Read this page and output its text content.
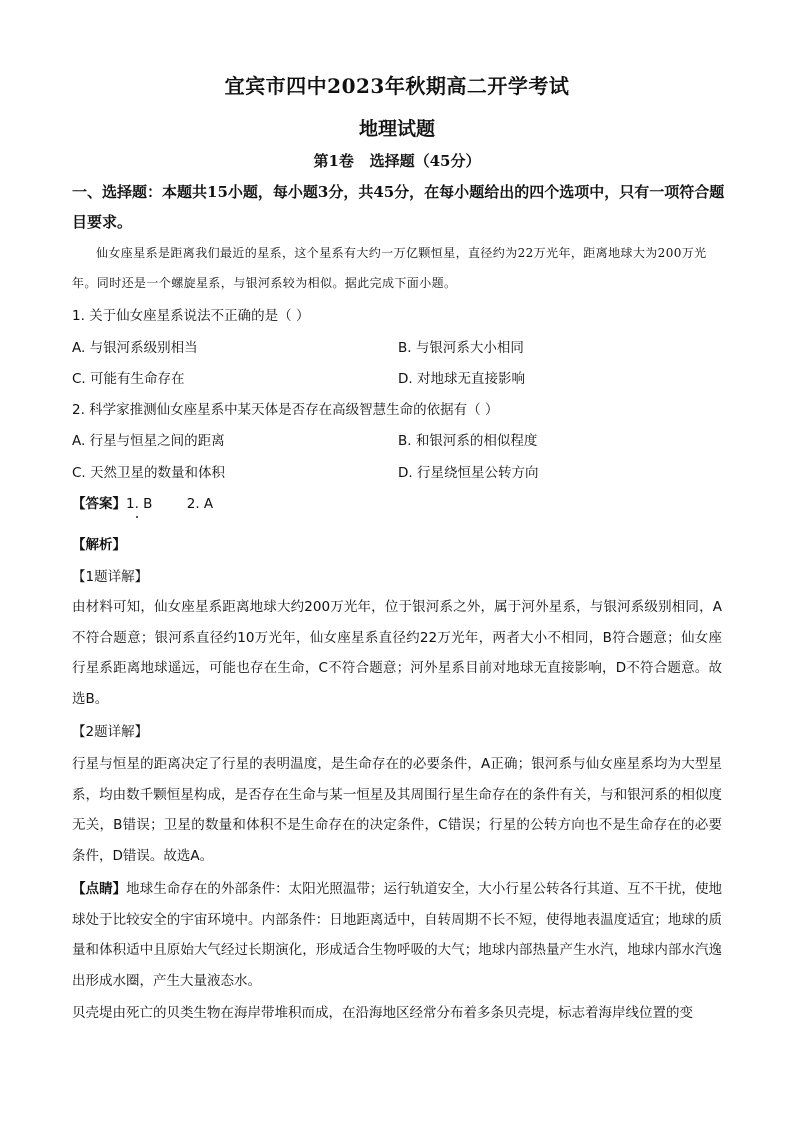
宜宾市四中2023年秋期高二开学考试
地理试题
第1卷   选择题（45分）
一、选择题：本题共15小题，每小题3分，共45分，在每小题给出的四个选项中，只有一项符合题目要求。
仙女座星系是距离我们最近的星系，这个星系有大约一万亿颗恒星，直径约为22万光年，距离地球大为200万光年。同时还是一个螺旋星系，与银河系较为相似。据此完成下面小题。
1. 关于仙女座星系说法不正确的是（ ）
A. 与银河系级别相当	B. 与银河系大小相同
C. 可能有生命存在	D. 对地球无直接影响
2. 科学家推测仙女座星系中某天体是否存在高级智慧生命的依据有（ ）
A. 行星与恒星之间的距离	B. 和银河系的相似程度
C. 天然卫星的数量和体积	D. 行星绕恒星公转方向
【答案】1. B        2. A
【解析】
【1题详解】
由材料可知，仙女座星系距离地球大约200万光年，位于银河系之外，属于河外星系，与银河系级别相同，A不符合题意；银河系直径约10万光年，仙女座星系直径约22万光年，两者大小不相同，B符合题意；仙女座行星系距离地球遥远，可能也存在生命，C不符合题意；河外星系目前对地球无直接影响，D不符合题意。故选B。
【2题详解】
行星与恒星的距离决定了行星的表明温度，是生命存在的必要条件，A正确；银河系与仙女座星系均为大型星系，均由数千颗恒星构成，是否存在生命与某一恒星及其周围行星生命存在的条件有关，与和银河系的相似度无关，B错误；卫星的数量和体积不是生命存在的决定条件，C错误；行星的公转方向也不是生命存在的必要条件，D错误。故选A。
【点睛】地球生命存在的外部条件：太阳光照温带；运行轨道安全，大小行星公转各行其道、互不干扰，使地球处于比较安全的宇宙环境中。内部条件：日地距离适中，自转周期不长不短，使得地表温度适宜；地球的质量和体积适中且原始大气经过长期演化，形成适合生物呼吸的大气；地球内部热量产生水汽，地球内部水汽逸出形成水圈，产生大量液态水。
贝壳堤由死亡的贝类生物在海岸带堆积而成，在沿海地区经常分布着多条贝壳堤，标志着海岸线位置的变
